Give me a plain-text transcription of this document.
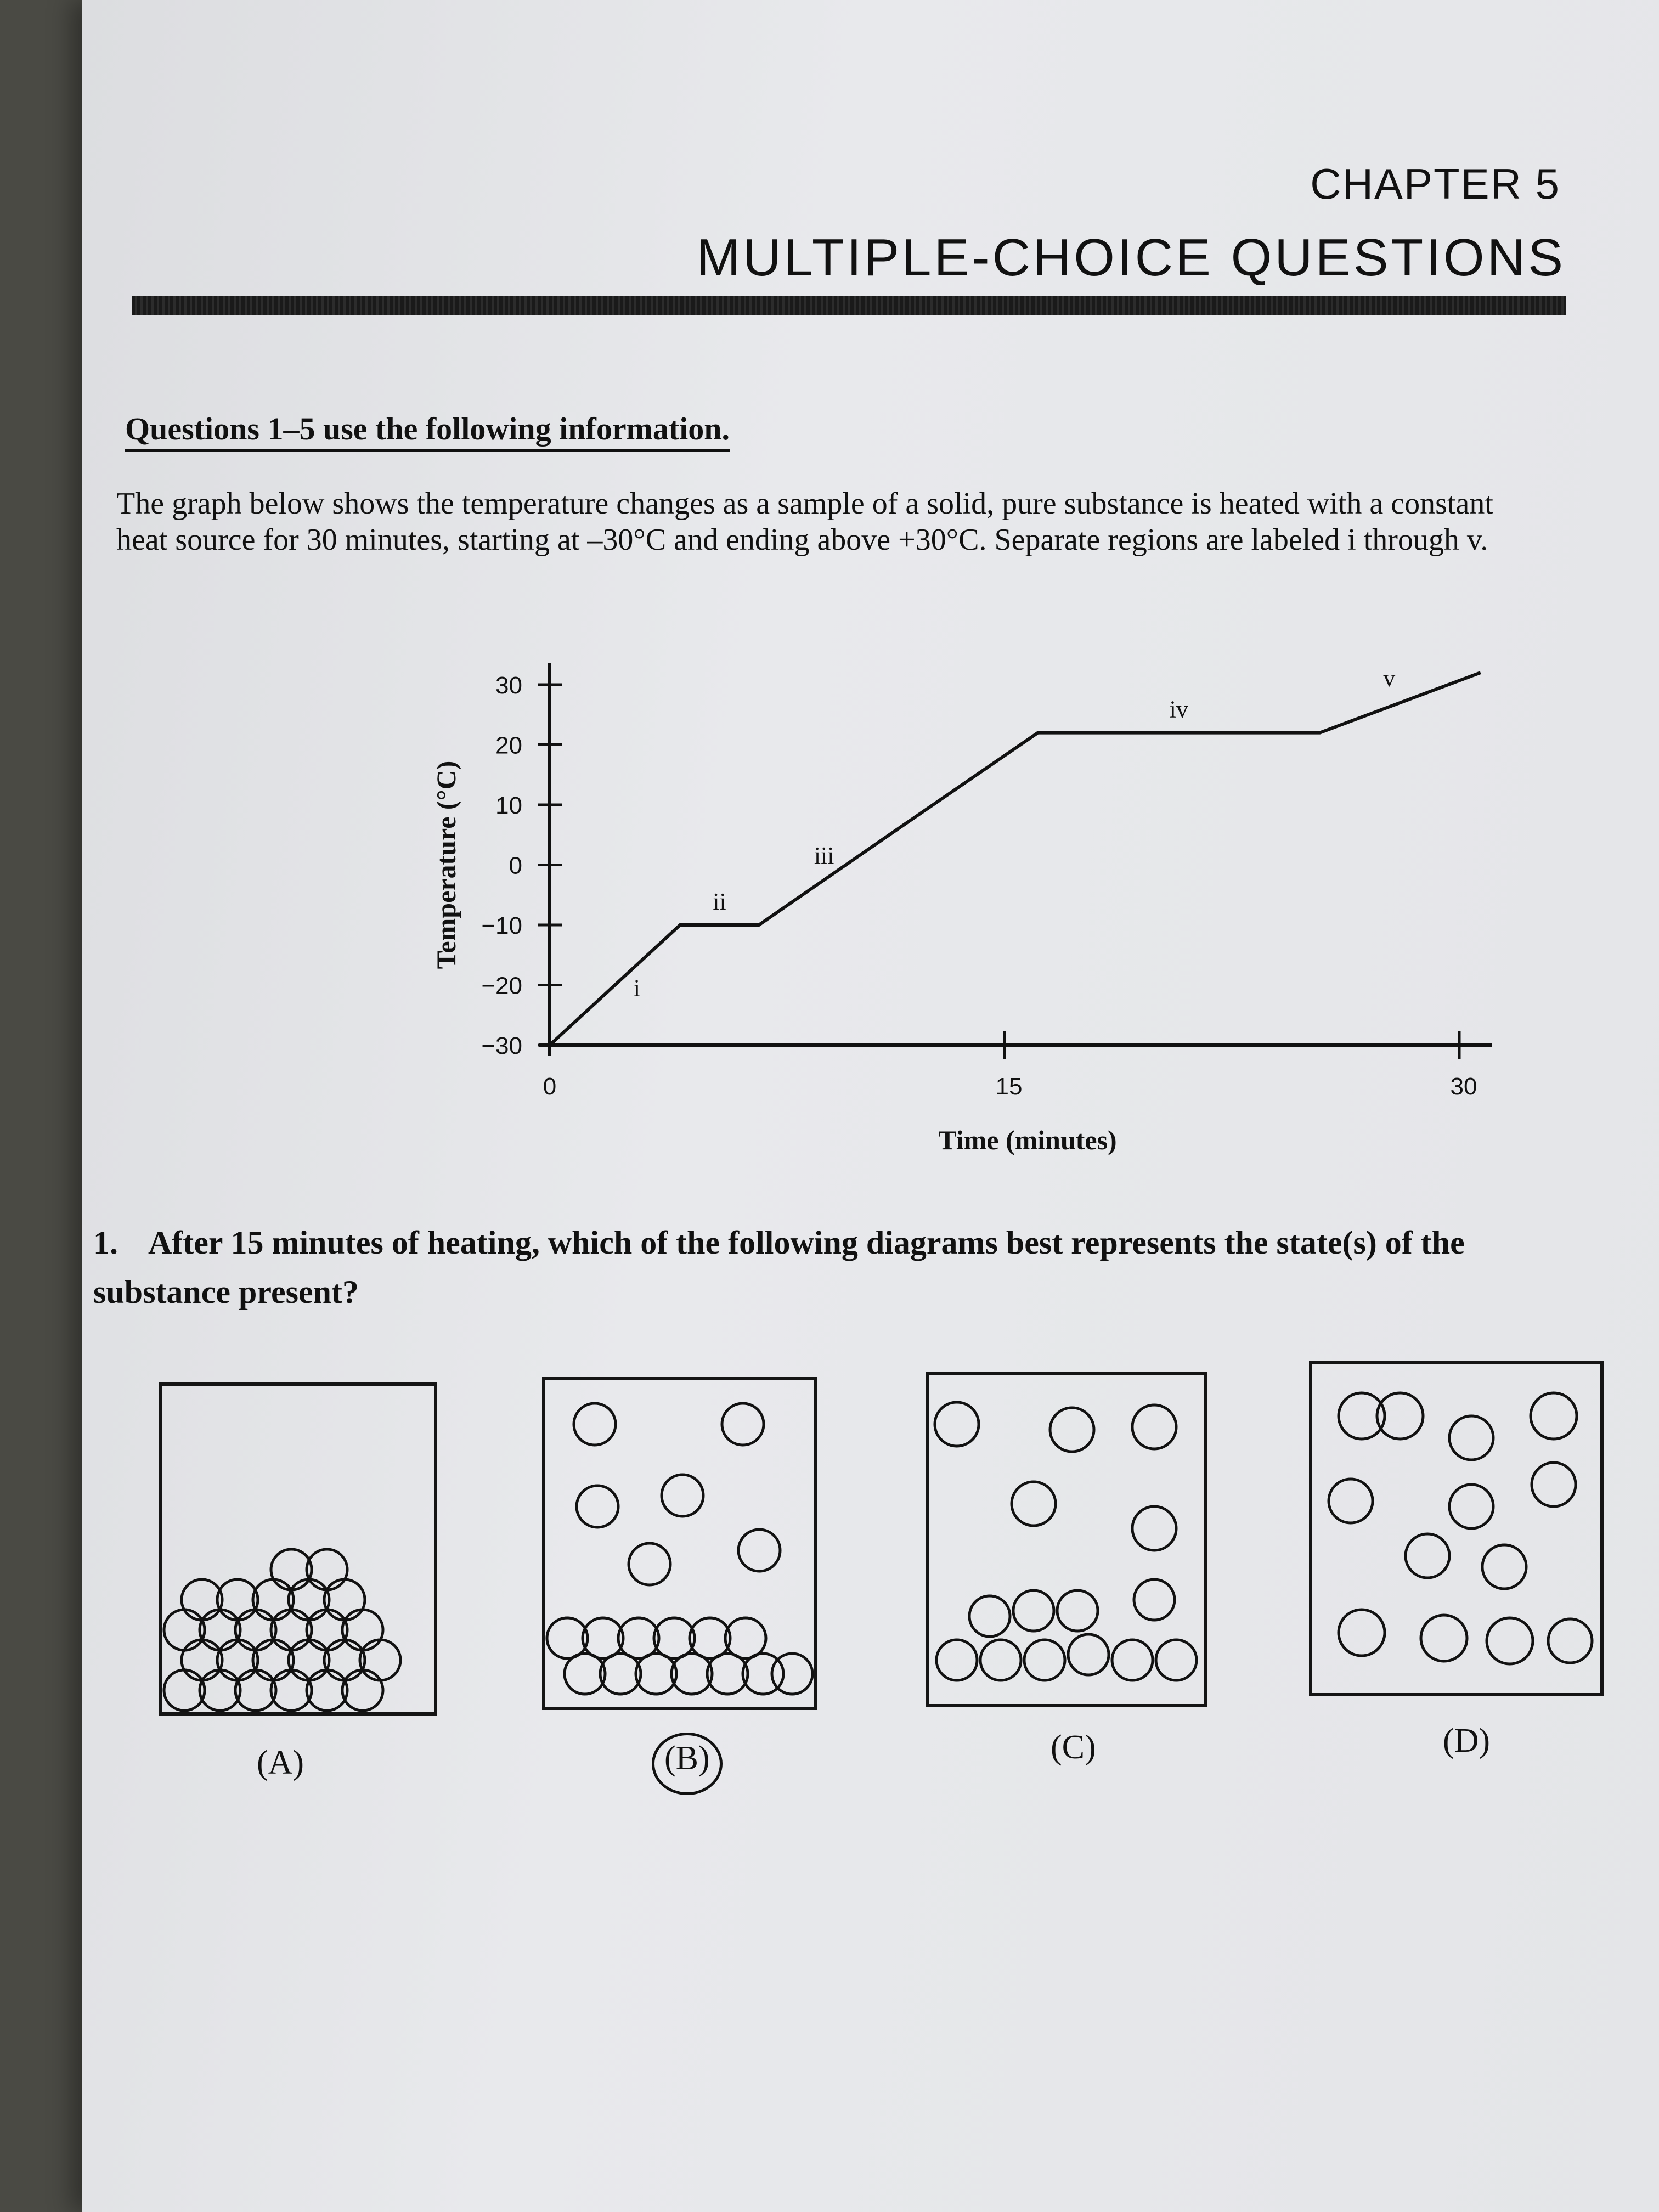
CHAPTER 5
MULTIPLE-CHOICE QUESTIONS
Questions 1–5 use the following information.
The graph below shows the temperature changes as a sample of a solid, pure substance is heated with a constant heat source for 30 minutes, starting at –30°C and ending above +30°C. Separate regions are labeled i through v.
30
20
10
0
−10
−20
−30
0	15	30
i
ii
iii
iv
v
Temperature (°C)
Time (minutes)
1. After 15 minutes of heating, which of the following diagrams best represents the state(s) of the substance present?
(A)	(B)	(C)	(D)
